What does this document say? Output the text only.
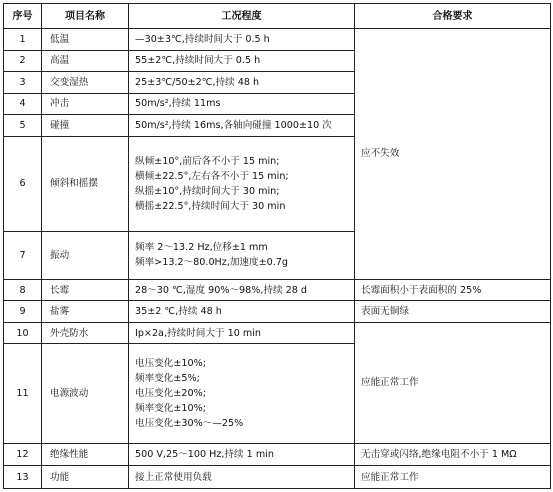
序号	项目名称	工况程度	合格要求
1	低温	—30±3℃,持续时间大于 0.5 h	应不失效
2	高温	55±2℃,持续时间大于 0.5 h	

3	交变湿热	25±3℃/50±2℃,持续 48 h	

4	冲击	50m/s²,持续 11ms	

5	碰撞	50m/s²,持续 16ms,各轴向碰撞 1000±10 次	

6	倾斜和摇摆	纵倾±10°,前后各不小于 15 min;
横倾±22.5°,左右各不小于 15 min;
纵摇±10°,持续时间大于 30 min;
横摇±22.5°,持续时间大于 30 min	

7	振动	频率 2～13.2 Hz,位移±1 mm
频率>13.2～80.0Hz,加速度±0.7g	

8	长霉	28～30 ℃,湿度 90%～98%,持续 28 d	长霉面积小于表面积的 25%
9	盐雾	35±2 ℃,持续 48 h	表面无铜绿
10	外壳防水	Ip×2a,持续时间大于 10 min	应能正常工作
11	电源波动	电压变化±10%;
频率变化±5%;
电压变化±20%;
频率变化±10%;
电压变化±30%～—25%	

12	绝缘性能	500 V,25～100 Hz,持续 1 min	无击穿或闪络,绝缘电阻不小于 1 MΩ
13	功能	接上正常使用负载	应能正常工作
